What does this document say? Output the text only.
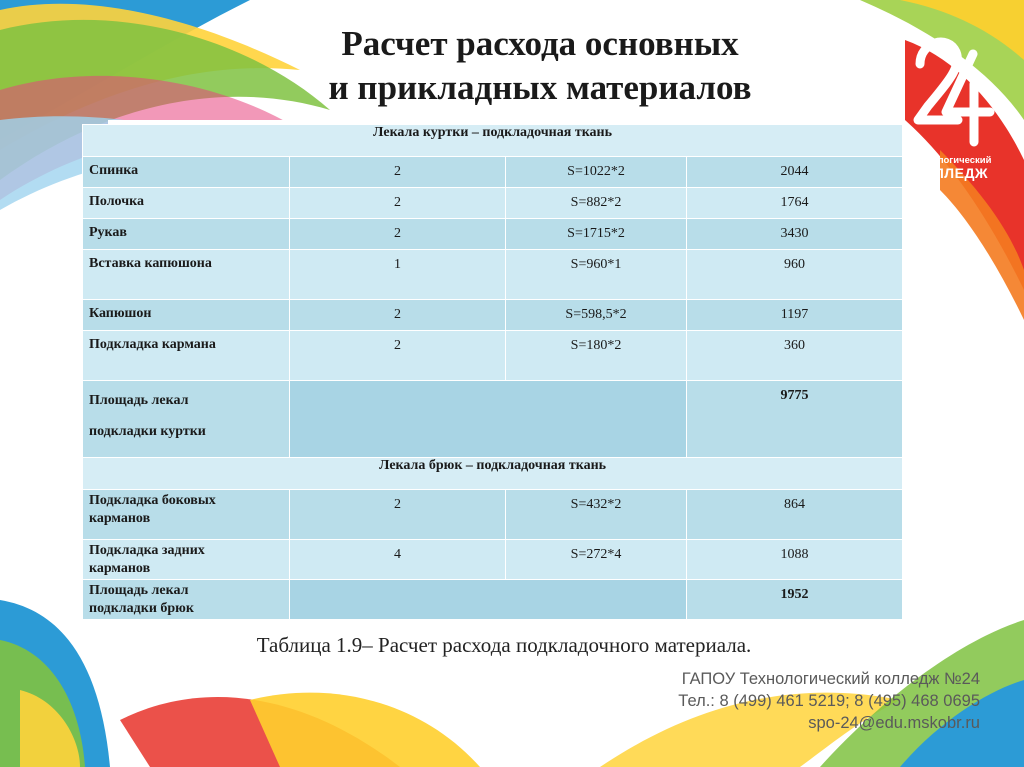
Расчет расхода основных
и прикладных материалов
Технологический
КОЛЛЕДЖ
Лекала куртки – подкладочная ткань			
Спинка	2	S=1022*2	2044
Полочка	2	S=882*2	1764
Рукав	2	S=1715*2	3430
Вставка капюшона	1	S=960*1	960
Капюшон	2	S=598,5*2	1197
Подкладка кармана	2	S=180*2	360

Площадь лекал
подкладки куртки			9775
Лекала брюк – подкладочная ткань			

Подкладка боковых
карманов	2	S=432*2	864

Подкладка задних
карманов	4	S=272*4	1088

Площадь лекал
подкладки брюк			1952
Таблица 1.9– Расчет расхода подкладочного материала.
ГАПОУ Технологический колледж №24
Тел.: 8 (499) 461 5219; 8 (495) 468 0695
spo-24@edu.mskobr.ru
